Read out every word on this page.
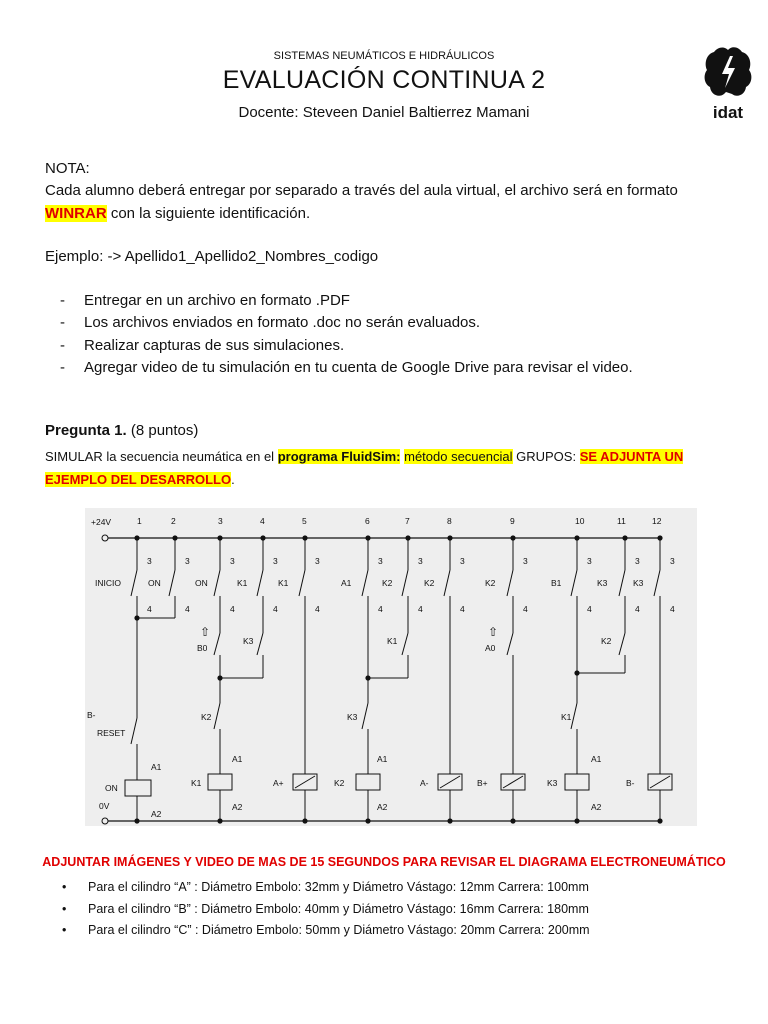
SISTEMAS NEUMÁTICOS E HIDRÁULICOS
EVALUACIÓN CONTINUA 2
Docente: Steveen Daniel Baltierrez Mamani	idat
NOTA:
Cada alumno deberá entregar por separado a través del aula virtual, el archivo será en formato
WINRAR con la siguiente identificación.
Ejemplo: -> Apellido1_Apellido2_Nombres_codigo
- Entregar en un archivo en formato .PDF
- Los archivos enviados en formato .doc no serán evaluados.
- Realizar capturas de sus simulaciones.
- Agregar video de tu simulación en tu cuenta de Google Drive para revisar el video.
Pregunta 1. (8 puntos)
SIMULAR la secuencia neumática en el programa FluidSim: método secuencial GRUPOS: SE ADJUNTA UN
EJEMPLO DEL DESARROLLO.
+24V
0V
1	2	3	4	5	6	7	8	9	10	11	12
INICIO	ON	ON	K1	K1	A1	K2	K2	K2	B1	K3	K3
3
4
3
4
3
4
3
4
3
4
3
4
3
4
3
4
3
4
3
4
3
4
3
4
B0	A0
⇧	⇧
K3	K1	K2
K2	K3	K1
RESET
B-
ON	K1	A+	K2	A-	B+	K3	B-
A1
A2
A1
A2
A1
A2
A1
A2
ADJUNTAR IMÁGENES Y VIDEO DE MAS DE 15 SEGUNDOS PARA REVISAR EL DIAGRAMA ELECTRONEUMÁTICO
• Para el cilindro “A” : Diámetro Embolo: 32mm y Diámetro Vástago: 12mm Carrera: 100mm
• Para el cilindro “B” : Diámetro Embolo: 40mm y Diámetro Vástago: 16mm Carrera: 180mm
• Para el cilindro “C” : Diámetro Embolo: 50mm y Diámetro Vástago: 20mm Carrera: 200mm
